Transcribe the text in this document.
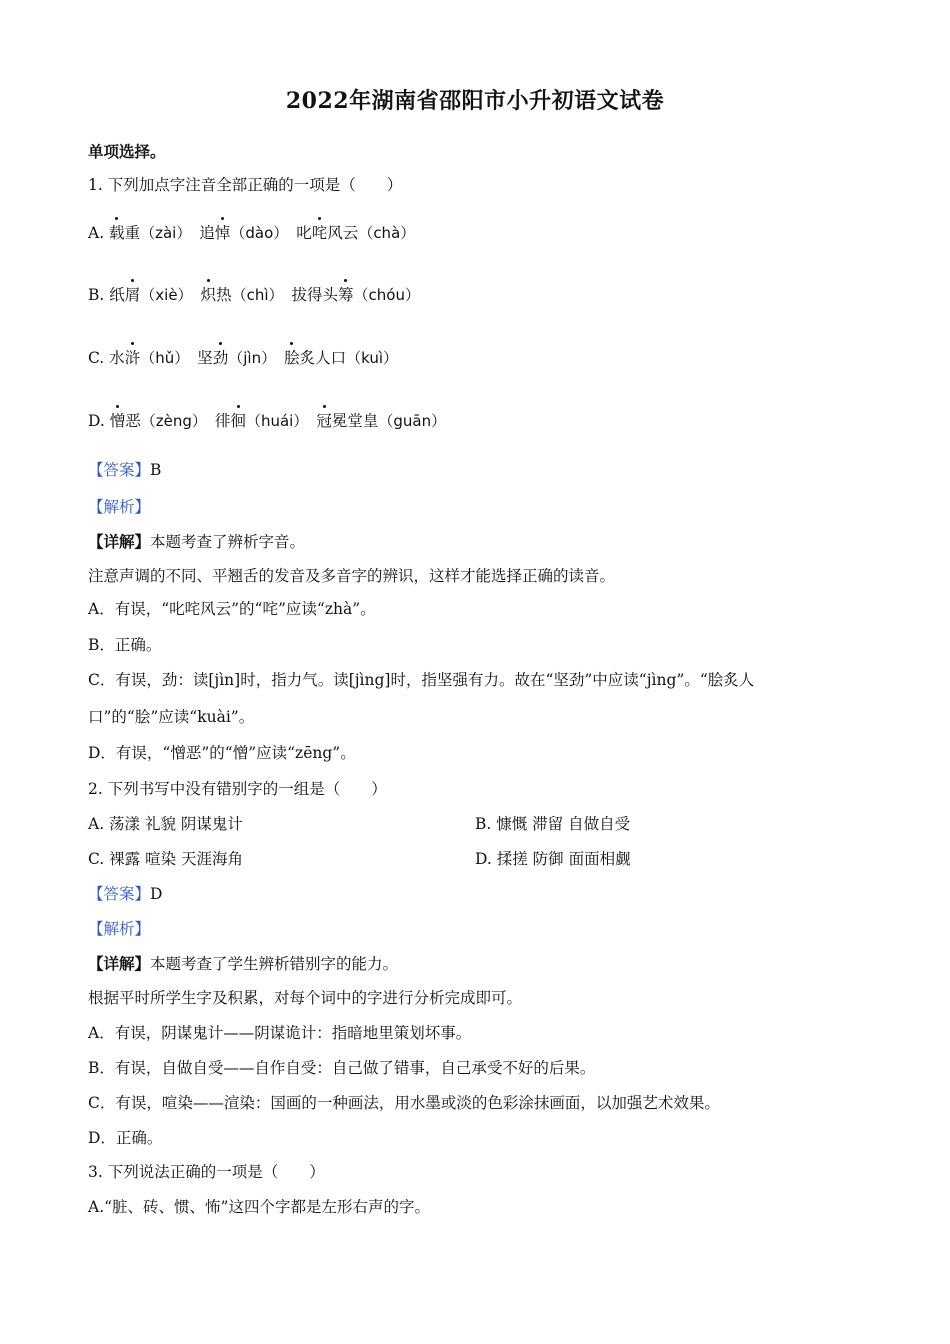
2022年湖南省邵阳市小升初语文试卷
单项选择。
1. 下列加点字注音全部正确的一项是（　　）
A. 载重（zài） 追悼（dào） 叱咤风云（chà）
B. 纸屑（xiè） 炽热（chì） 拔得头筹（chóu）
C. 水浒（hǔ） 坚劲（jìn） 脍炙人口（kuì）
D. 憎恶（zèng） 徘徊（huái） 冠冕堂皇（guān）
【答案】B
【解析】
【详解】本题考查了辨析字音。
注意声调的不同、平翘舌的发音及多音字的辨识，这样才能选择正确的读音。
A．有误，“叱咤风云”的“咤”应读“zhà”。
B．正确。
C．有误，劲：读[jìn]时，指力气。读[jìng]时，指坚强有力。故在“坚劲”中应读“jìng”。“脍炙人
口”的“脍”应读“kuài”。
D．有误，“憎恶”的“憎”应读“zēng”。
2. 下列书写中没有错别字的一组是（　　）
A. 荡漾 礼貌 阴谋鬼计	B. 慷慨 滞留 自做自受
C. 裸露 喧染 天涯海角	D. 揉搓 防御 面面相觑
【答案】D
【解析】
【详解】本题考查了学生辨析错别字的能力。
根据平时所学生字及积累，对每个词中的字进行分析完成即可。
A．有误，阴谋鬼计——阴谋诡计：指暗地里策划坏事。
B．有误，自做自受——自作自受：自己做了错事，自己承受不好的后果。
C．有误，喧染——渲染：国画的一种画法，用水墨或淡的色彩涂抹画面，以加强艺术效果。
D．正确。
3. 下列说法正确的一项是（　　）
A.“脏、砖、惯、怖”这四个字都是左形右声的字。
